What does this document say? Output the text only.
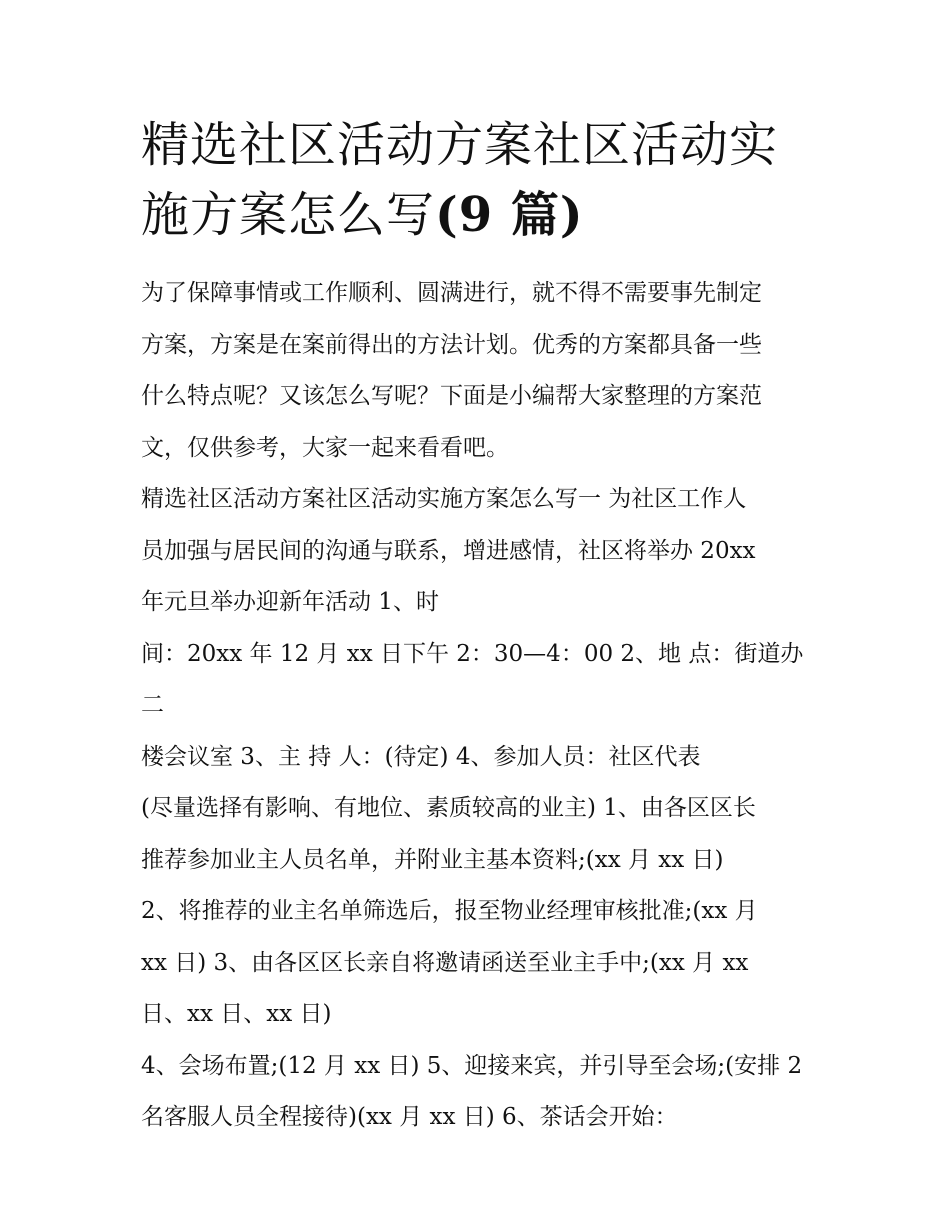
精选社区活动方案社区活动实
施方案怎么写(9 篇)

为了保障事情或工作顺利、圆满进行，就不得不需要事先制定

方案，方案是在案前得出的方法计划。优秀的方案都具备一些

什么特点呢？又该怎么写呢？下面是小编帮大家整理的方案范

文，仅供参考，大家一起来看看吧。

精选社区活动方案社区活动实施方案怎么写一 为社区工作人

员加强与居民间的沟通与联系，增进感情，社区将举办 20xx

年元旦举办迎新年活动 1、时

间：20xx 年 12 月 xx 日下午 2：30—4：00 2、地 点：街道办二

楼会议室 3、主 持 人：(待定) 4、参加人员：社区代表

(尽量选择有影响、有地位、素质较高的业主) 1、由各区区长

推荐参加业主人员名单，并附业主基本资料;(xx 月 xx 日)

2、将推荐的业主名单筛选后，报至物业经理审核批准;(xx 月

xx 日) 3、由各区区长亲自将邀请函送至业主手中;(xx 月 xx

日、xx 日、xx 日)

4、会场布置;(12 月 xx 日) 5、迎接来宾，并引导至会场;(安排 2

名客服人员全程接待)(xx 月 xx 日) 6、茶话会开始：
